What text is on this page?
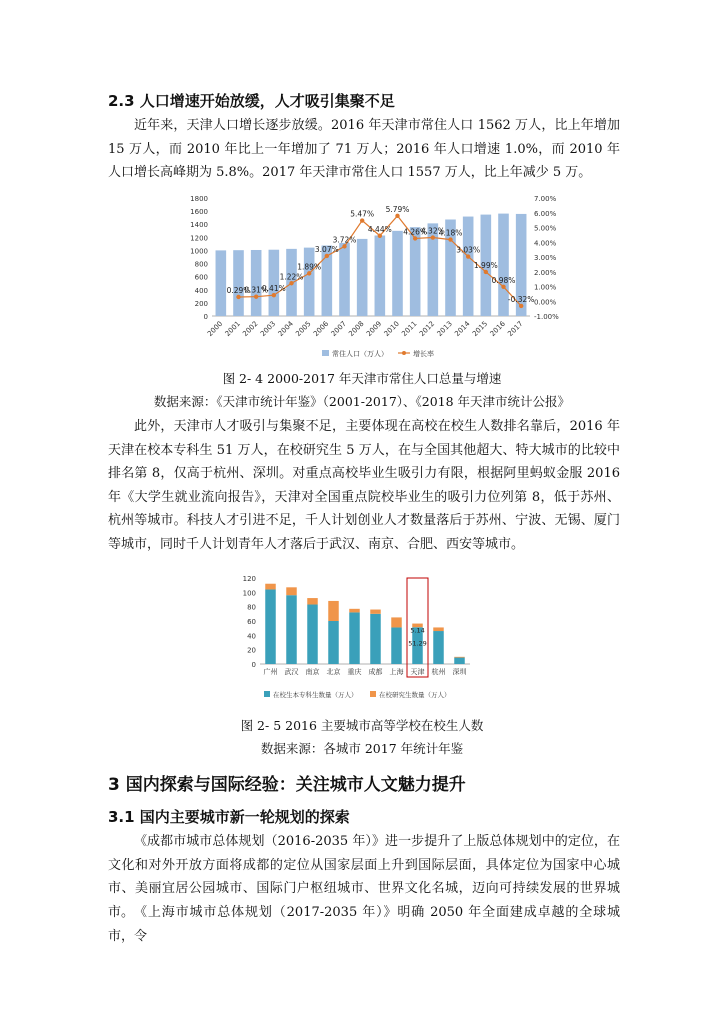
2.3 人口增速开始放缓，人才吸引集聚不足

近年来，天津人口增长逐步放缓。2016 年天津市常住人口 1562 万人，比上年增加 15 万人，而 2010 年比上一年增加了 71 万人；2016 年人口增速 1.0%，而 2010 年人口增长高峰期为 5.8%。2017 年天津市常住人口 1557 万人，比上年减少 5 万。

0
200
400
600
800
1000
1200
1400
1600
1800
-1.00%
0.00%
1.00%
2.00%
3.00%
4.00%
5.00%
6.00%
7.00%
2000 2001 2002 2003 2004 2005 2006 2007 2008 2009 2010 2011 2012 2013 2014 2015 2016 2017
0.29%
0.31%
0.41%
1.22%
1.89%
3.07%
3.72%
5.47%
4.44%
5.79%
4.26%
4.32%
4.18%
3.03%
1.99%
0.98%
-0.32%
常住人口（万人）	增长率

图 2- 4 2000-2017 年天津市常住人口总量与增速

数据来源：《天津市统计年鉴》（2001-2017）、《2018 年天津市统计公报》

此外，天津市人才吸引与集聚不足，主要体现在高校在校生人数排名靠后，2016 年天津在校本专科生 51 万人，在校研究生 5 万人，在与全国其他超大、特大城市的比较中排名第 8，仅高于杭州、深圳。对重点高校毕业生吸引力有限，根据阿里蚂蚁金服 2016 年《大学生就业流向报告》，天津对全国重点院校毕业生的吸引力位列第 8，低于苏州、杭州等城市。科技人才引进不足，千人计划创业人才数量落后于苏州、宁波、无锡、厦门等城市，同时千人计划青年人才落后于武汉、南京、合肥、西安等城市。

0
20
40
60
80
100
120
广州 武汉 南京 北京 重庆 成都 上海 天津
5.14
51.29
杭州 深圳
在校生本专科生数量（万人）	在校研究生数量（万人）

图 2- 5 2016 主要城市高等学校在校生人数

数据来源：各城市 2017 年统计年鉴

3 国内探索与国际经验：关注城市人文魅力提升
3.1 国内主要城市新一轮规划的探索

《成都市城市总体规划（2016-2035 年）》进一步提升了上版总体规划中的定位，在文化和对外开放方面将成都的定位从国家层面上升到国际层面，具体定位为国家中心城市、美丽宜居公园城市、国际门户枢纽城市、世界文化名城，迈向可持续发展的世界城市。 《上海市城市总体规划（2017-2035 年）》明确 2050 年全面建成卓越的全球城市，令
